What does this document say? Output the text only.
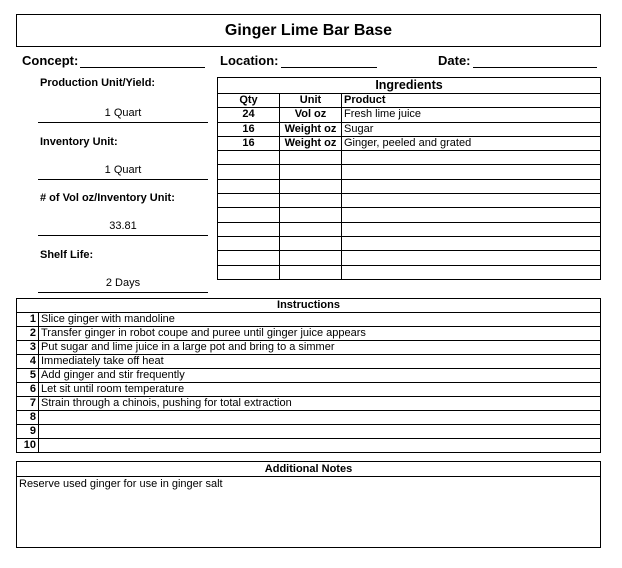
Ginger Lime Bar Base
Concept:	Location:	Date:
Production Unit/Yield:
1 Quart
Inventory Unit:
1 Quart
# of Vol oz/Inventory Unit:
33.81
Shelf Life:
2 Days
Ingredients		
Qty	Unit	Product
24	Vol oz	Fresh lime juice
16	Weight oz	Sugar
16	Weight oz	Ginger, peeled and grated

Instructions	
1	Slice ginger with mandoline
2	Transfer ginger in robot coupe and puree until ginger juice appears
3	Put sugar and lime juice in a large pot and bring to a simmer
4	Immediately take off heat
5	Add ginger and stir frequently
6	Let sit until room temperature
7	Strain through a chinois, pushing for total extraction
8	
9	
10	
Additional Notes
Reserve used ginger for use in ginger salt
